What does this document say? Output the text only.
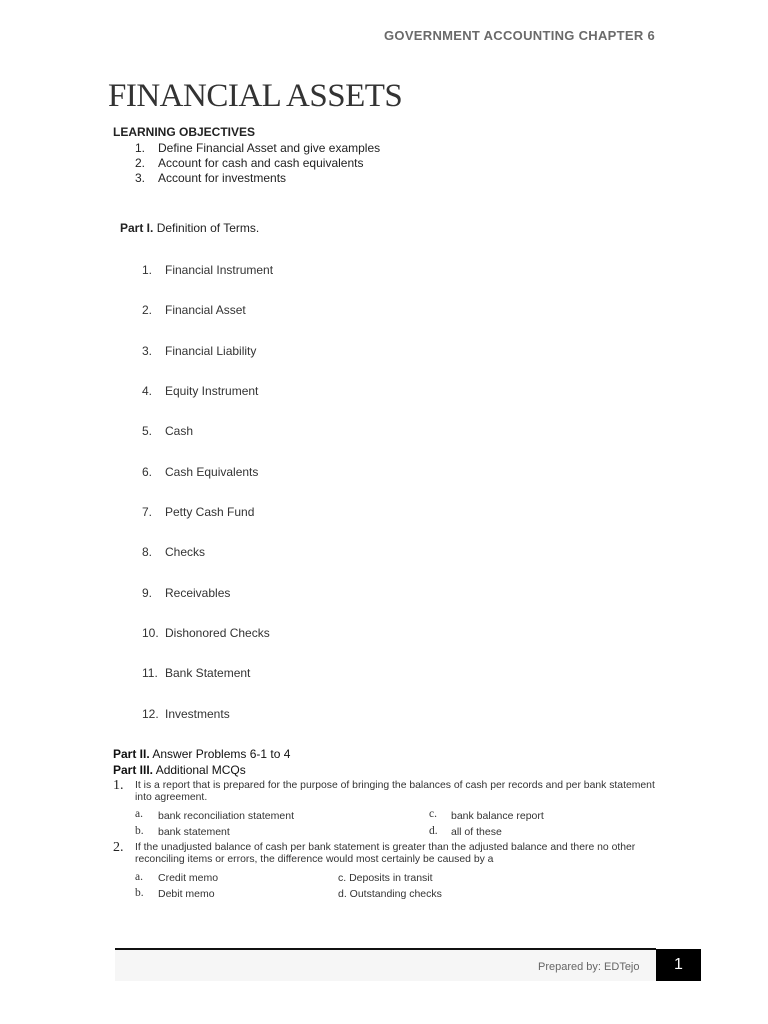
GOVERNMENT ACCOUNTING CHAPTER 6
FINANCIAL ASSETS
LEARNING OBJECTIVES
1. Define Financial Asset and give examples
2. Account for cash and cash equivalents
3. Account for investments
Part I. Definition of Terms.
1. Financial Instrument
2. Financial Asset
3. Financial Liability
4. Equity Instrument
5. Cash
6. Cash Equivalents
7. Petty Cash Fund
8. Checks
9. Receivables
10. Dishonored Checks
11. Bank Statement
12. Investments
Part II. Answer Problems 6-1 to 4
Part III. Additional MCQs
1. It is a report that is prepared for the purpose of bringing the balances of cash per records and per bank statement into agreement.
a. bank reconciliation statement	c. bank balance report
b. bank statement	d. all of these
2. If the unadjusted balance of cash per bank statement is greater than the adjusted balance and there no other reconciling items or errors, the difference would most certainly be caused by a
a. Credit memo	c. Deposits in transit
b. Debit memo	d. Outstanding checks
Prepared by: EDTejo	1
